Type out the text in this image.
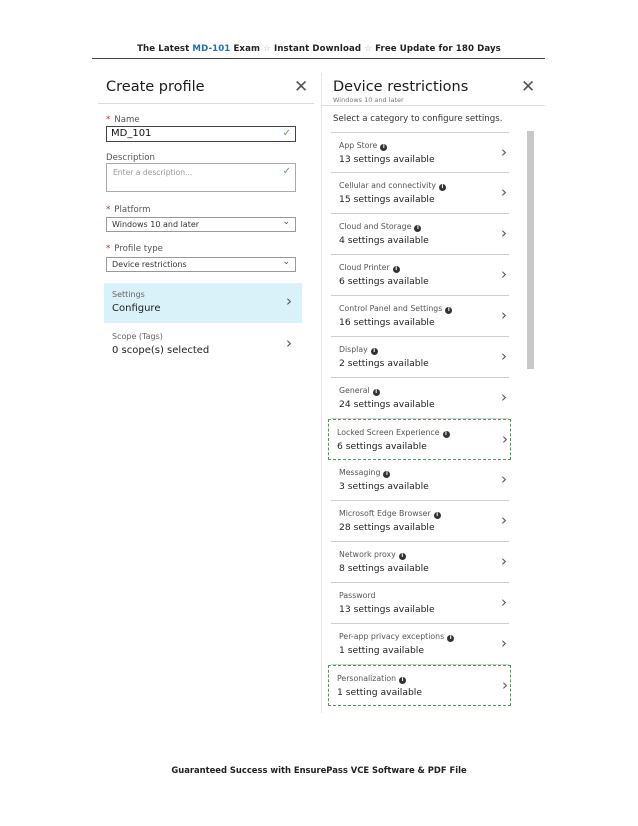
The Latest MD-101 Exam ☆ Instant Download ☆ Free Update for 180 Days
Create profile	✕
* Name
MD_101	✓
Description
Enter a description...	✓
* Platform
Windows 10 and later	⌄
* Profile type
Device restrictions	⌄
Settings
Configure	›
Scope (Tags)
0 scope(s) selected	›
Device restrictions
Windows 10 and later
✕
Select a category to configure settings.
App Store i
13 settings available	›
Cellular and connectivity i
15 settings available	›
Cloud and Storage i
4 settings available	›
Cloud Printer i
6 settings available	›
Control Panel and Settings i
16 settings available	›
Display i
2 settings available	›
General i
24 settings available	›
Locked Screen Experience i
6 settings available	›
Messaging i
3 settings available	›
Microsoft Edge Browser i
28 settings available	›
Network proxy i
8 settings available	›
Password
13 settings available	›
Per-app privacy exceptions i
1 setting available	›
Personalization i
1 setting available	›
Guaranteed Success with EnsurePass VCE Software & PDF File
